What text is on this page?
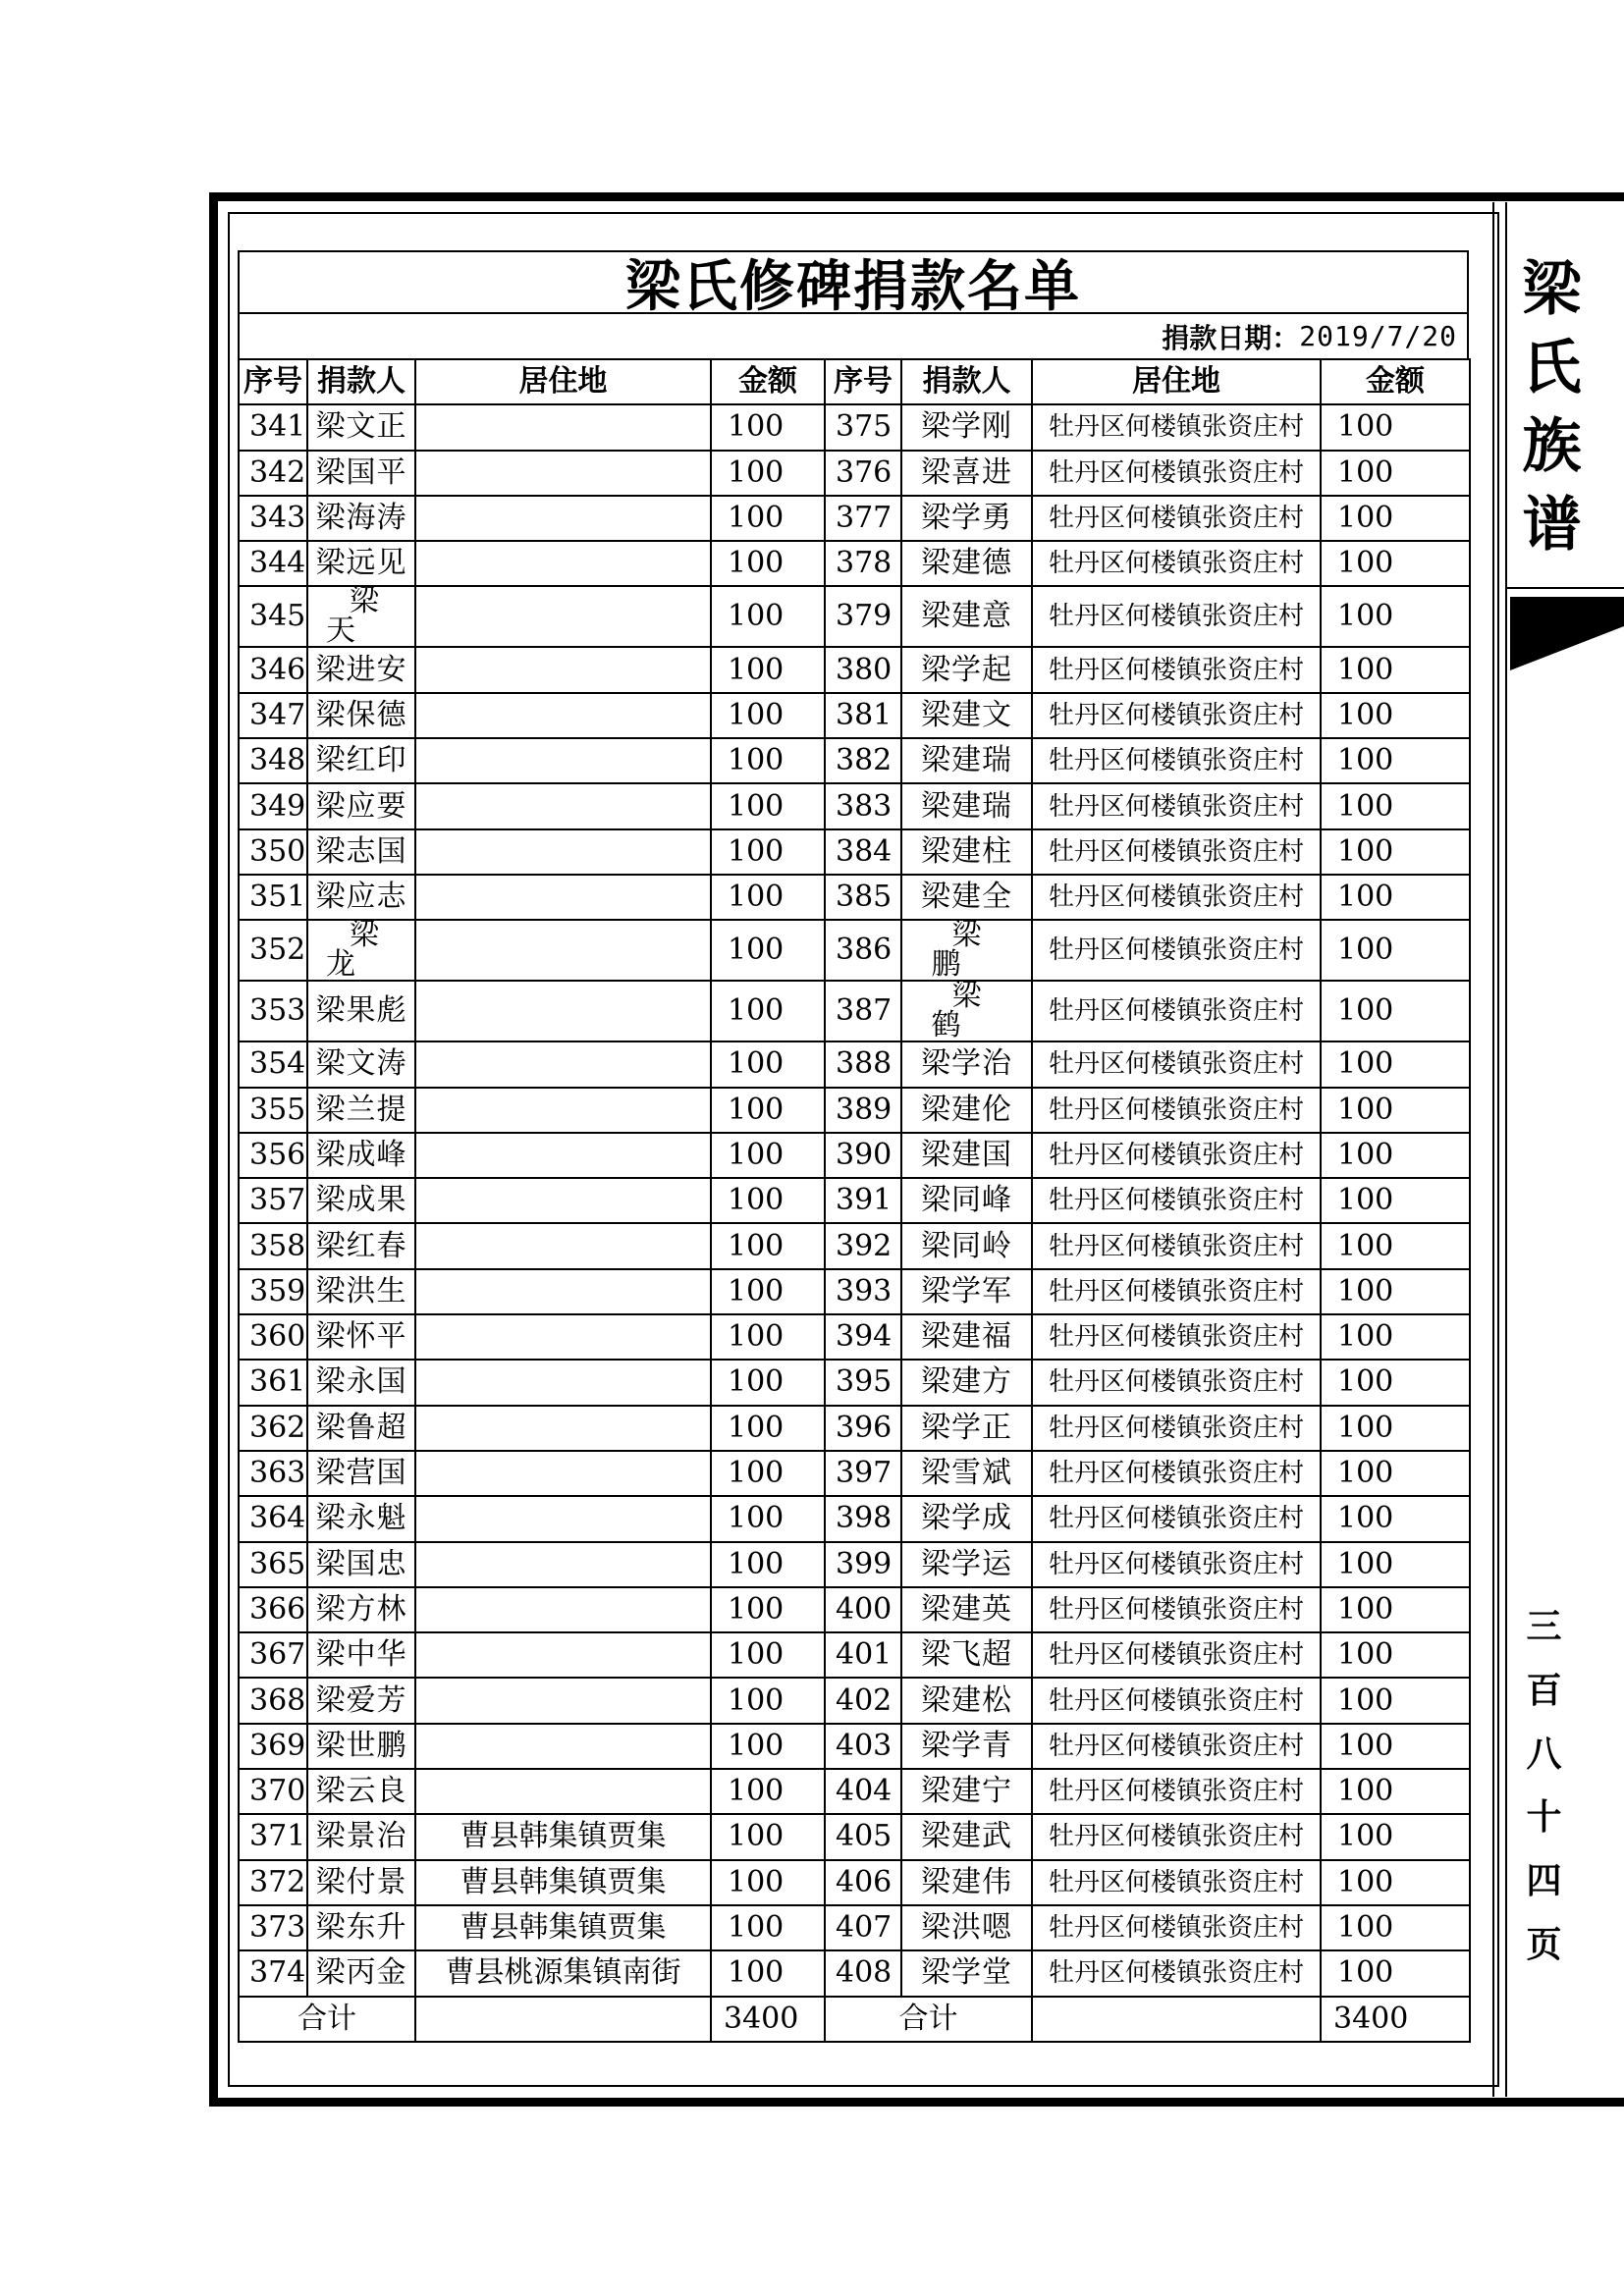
梁
氏
族
谱
三
百
八
十
四
页
梁氏修碑捐款名单
捐款日期： 2019/7/20
序号	捐款人	居住地	金额	序号	捐款人	居住地	金额
341	梁文正		100	375	梁学刚	牡丹区何楼镇张资庄村	100
342	梁国平		100	376	梁喜进	牡丹区何楼镇张资庄村	100
343	梁海涛		100	377	梁学勇	牡丹区何楼镇张资庄村	100
344	梁远见		100	378	梁建德	牡丹区何楼镇张资庄村	100
345	梁天		100	379	梁建意	牡丹区何楼镇张资庄村	100
346	梁进安		100	380	梁学起	牡丹区何楼镇张资庄村	100
347	梁保德		100	381	梁建文	牡丹区何楼镇张资庄村	100
348	梁红印		100	382	梁建瑞	牡丹区何楼镇张资庄村	100
349	梁应要		100	383	梁建瑞	牡丹区何楼镇张资庄村	100
350	梁志国		100	384	梁建柱	牡丹区何楼镇张资庄村	100
351	梁应志		100	385	梁建全	牡丹区何楼镇张资庄村	100
352	梁龙		100	386	梁鹏	牡丹区何楼镇张资庄村	100
353	梁果彪		100	387	梁鹤	牡丹区何楼镇张资庄村	100
354	梁文涛		100	388	梁学治	牡丹区何楼镇张资庄村	100
355	梁兰提		100	389	梁建伦	牡丹区何楼镇张资庄村	100
356	梁成峰		100	390	梁建国	牡丹区何楼镇张资庄村	100
357	梁成果		100	391	梁同峰	牡丹区何楼镇张资庄村	100
358	梁红春		100	392	梁同岭	牡丹区何楼镇张资庄村	100
359	梁洪生		100	393	梁学军	牡丹区何楼镇张资庄村	100
360	梁怀平		100	394	梁建福	牡丹区何楼镇张资庄村	100
361	梁永国		100	395	梁建方	牡丹区何楼镇张资庄村	100
362	梁鲁超		100	396	梁学正	牡丹区何楼镇张资庄村	100
363	梁营国		100	397	梁雪斌	牡丹区何楼镇张资庄村	100
364	梁永魁		100	398	梁学成	牡丹区何楼镇张资庄村	100
365	梁国忠		100	399	梁学运	牡丹区何楼镇张资庄村	100
366	梁方林		100	400	梁建英	牡丹区何楼镇张资庄村	100
367	梁中华		100	401	梁飞超	牡丹区何楼镇张资庄村	100
368	梁爱芳		100	402	梁建松	牡丹区何楼镇张资庄村	100
369	梁世鹏		100	403	梁学青	牡丹区何楼镇张资庄村	100
370	梁云良		100	404	梁建宁	牡丹区何楼镇张资庄村	100
371	梁景治	曹县韩集镇贾集	100	405	梁建武	牡丹区何楼镇张资庄村	100
372	梁付景	曹县韩集镇贾集	100	406	梁建伟	牡丹区何楼镇张资庄村	100
373	梁东升	曹县韩集镇贾集	100	407	梁洪嗯	牡丹区何楼镇张资庄村	100
374	梁丙金	曹县桃源集镇南街	100	408	梁学堂	牡丹区何楼镇张资庄村	100
合计			3400	合计			3400
